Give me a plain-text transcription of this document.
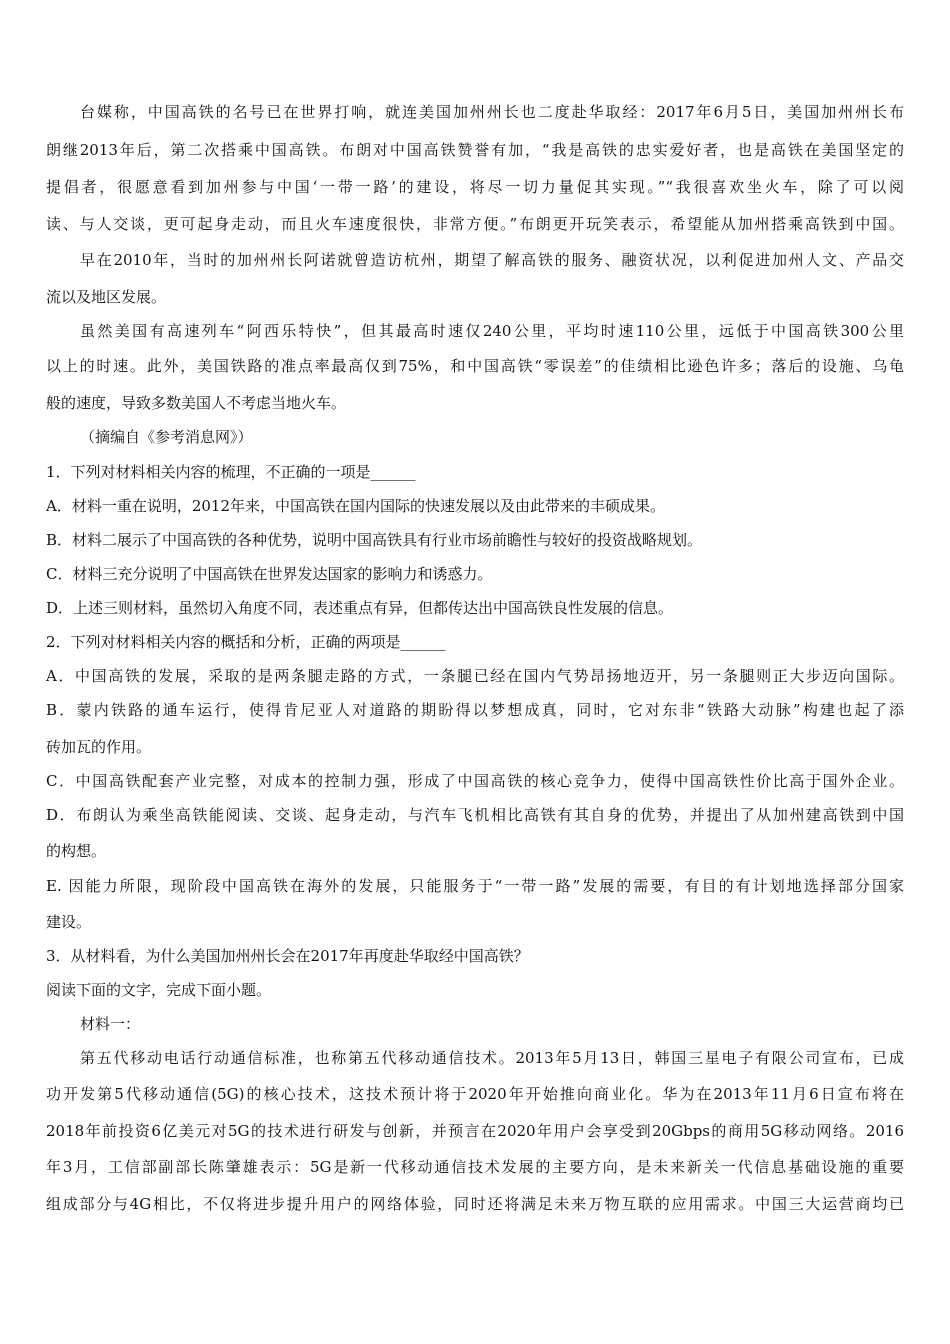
台媒称，中国高铁的名号已在世界打响，就连美国加州州长也二度赴华取经：2017年6月5日，美国加州州长布

朗继2013年后，第二次搭乘中国高铁。布朗对中国高铁赞誉有加，“我是高铁的忠实爱好者，也是高铁在美国坚定的

提倡者，很愿意看到加州参与中国‘一带一路’的建设，将尽一切力量促其实现。”“我很喜欢坐火车，除了可以阅

读、与人交谈，更可起身走动，而且火车速度很快，非常方便。”布朗更开玩笑表示，希望能从加州搭乘高铁到中国。

早在2010年，当时的加州州长阿诺就曾造访杭州，期望了解高铁的服务、融资状况，以利促进加州人文、产品交

流以及地区发展。

虽然美国有高速列车“阿西乐特快”，但其最高时速仅240公里，平均时速110公里，远低于中国高铁300公里

以上的时速。此外，美国铁路的准点率最高仅到75%，和中国高铁“零误差”的佳绩相比逊色许多；落后的设施、乌龟

般的速度，导致多数美国人不考虑当地火车。

（摘编自《参考消息网》）

1．下列对材料相关内容的梳理，不正确的一项是______

A．材料一重在说明，2012年来，中国高铁在国内国际的快速发展以及由此带来的丰硕成果。

B．材料二展示了中国高铁的各种优势，说明中国高铁具有行业市场前瞻性与较好的投资战略规划。

C．材料三充分说明了中国高铁在世界发达国家的影响力和诱惑力。

D．上述三则材料，虽然切入角度不同，表述重点有异，但都传达出中国高铁良性发展的信息。

2．下列对材料相关内容的概括和分析，正确的两项是______

A．中国高铁的发展，采取的是两条腿走路的方式，一条腿已经在国内气势昂扬地迈开，另一条腿则正大步迈向国际。

B．蒙内铁路的通车运行，使得肯尼亚人对道路的期盼得以梦想成真，同时，它对东非“铁路大动脉”构建也起了添

砖加瓦的作用。

C．中国高铁配套产业完整，对成本的控制力强，形成了中国高铁的核心竞争力，使得中国高铁性价比高于国外企业。

D．布朗认为乘坐高铁能阅读、交谈、起身走动，与汽车飞机相比高铁有其自身的优势，并提出了从加州建高铁到中国

的构想。

E. 因能力所限，现阶段中国高铁在海外的发展，只能服务于“一带一路”发展的需要，有目的有计划地选择部分国家

建设。

3．从材料看，为什么美国加州州长会在2017年再度赴华取经中国高铁？

阅读下面的文字，完成下面小题。

材料一：

第五代移动电话行动通信标准，也称第五代移动通信技术。2013年5月13日，韩国三星电子有限公司宣布，已成

功开发第5代移动通信(5G)的核心技术，这技术预计将于2020年开始推向商业化。华为在2013年11月6日宣布将在

2018年前投资6亿美元对5G的技术进行研发与创新，并预言在2020年用户会享受到20Gbps的商用5G移动网络。2016

年3月，工信部副部长陈肇雄表示：5G是新一代移动通信技术发展的主要方向，是未来新关一代信息基础设施的重要

组成部分与4G相比，不仅将进步提升用户的网络体验，同时还将满足未来万物互联的应用需求。中国三大运营商均已
